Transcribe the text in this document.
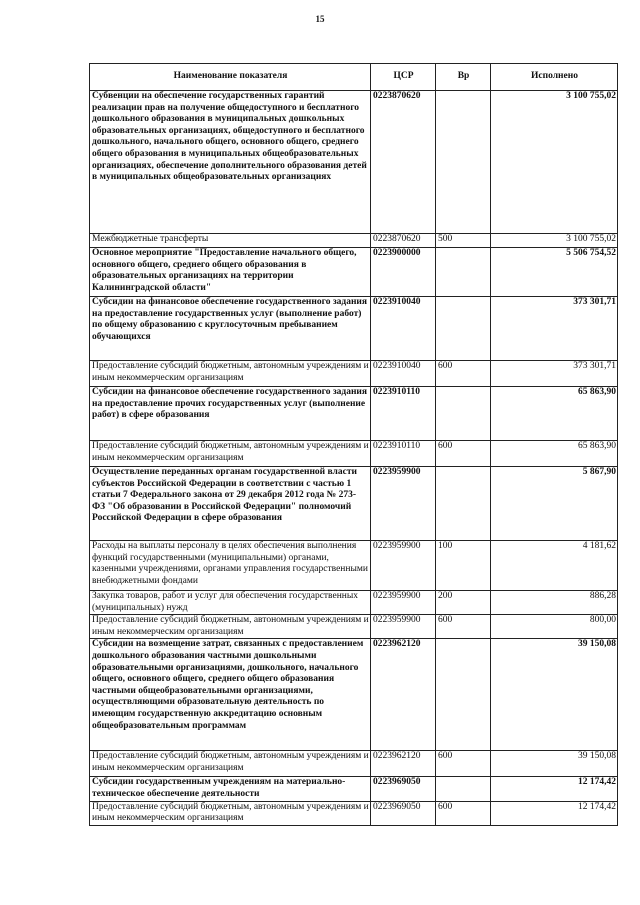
15
Наименование показателя	ЦСР	Вр	Исполнено
Субвенции на обеспечение государственных гарантий реализации прав на получение общедоступного и бесплатного дошкольного образования в муниципальных дошкольных образовательных организациях, общедоступного и бесплатного дошкольного, начального общего, основного общего, среднего общего образования в муниципальных общеобразовательных организациях, обеспечение дополнительного образования детей в муниципальных общеобразовательных организациях	0223870620		3 100 755,02
Межбюджетные трансферты	0223870620	500	3 100 755,02
Основное мероприятие "Предоставление начального общего, основного общего, среднего общего образования в образовательных организациях на территории Калининградской области"	0223900000		5 506 754,52
Субсидии на финансовое обеспечение государственного задания на предоставление государственных услуг (выполнение работ) по общему образованию с круглосуточным пребыванием обучающихся	0223910040		373 301,71
Предоставление субсидий бюджетным, автономным учреждениям и иным некоммерческим организациям	0223910040	600	373 301,71
Субсидии на финансовое обеспечение государственного задания на предоставление прочих государственных услуг (выполнение работ) в сфере образования	0223910110		65 863,90
Предоставление субсидий бюджетным, автономным учреждениям и иным некоммерческим организациям	0223910110	600	65 863,90
Осуществление переданных органам государственной власти субъектов Российской Федерации в соответствии с частью 1 статьи 7 Федерального закона от 29 декабря 2012 года № 273-ФЗ "Об образовании в Российской Федерации" полномочий Российской Федерации в сфере образования	0223959900		5 867,90
Расходы на выплаты персоналу в целях обеспечения выполнения функций государственными (муниципальными) органами, казенными учреждениями, органами управления государственными внебюджетными фондами	0223959900	100	4 181,62
Закупка товаров, работ и услуг для обеспечения государственных (муниципальных) нужд	0223959900	200	886,28
Предоставление субсидий бюджетным, автономным учреждениям и иным некоммерческим организациям	0223959900	600	800,00
Субсидии на возмещение затрат, связанных с предоставлением дошкольного образования частными дошкольными образовательными организациями, дошкольного, начального общего, основного общего, среднего общего образования частными общеобразовательными организациями, осуществляющими образовательную деятельность по имеющим государственную аккредитацию основным общеобразовательным программам	0223962120		39 150,08
Предоставление субсидий бюджетным, автономным учреждениям и иным некоммерческим организациям	0223962120	600	39 150,08
Субсидии государственным учреждениям на материально-техническое обеспечение деятельности	0223969050		12 174,42
Предоставление субсидий бюджетным, автономным учреждениям и иным некоммерческим организациям	0223969050	600	12 174,42
